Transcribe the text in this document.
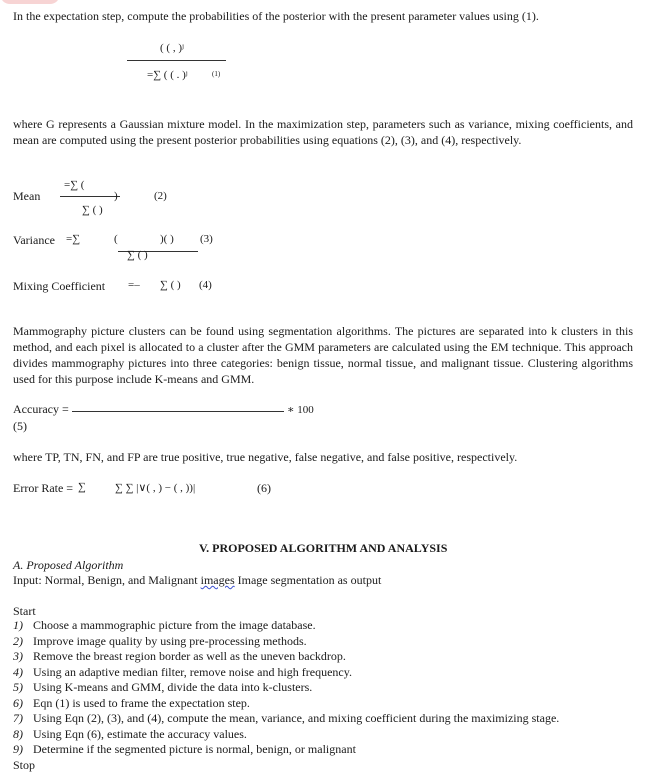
In the expectation step, compute the probabilities of the posterior with the present parameter values using (1).
( ( , )ʲ
=∑ ( ( . )ʲ	(1)
where G represents a Gaussian mixture model. In the maximization step, parameters such as variance, mixing coefficients, and mean are computed using the present posterior probabilities using equations (2), (3), and (4), respectively.
=∑ (
Mean	)
∑ ( )
(2)
Variance =∑	(	)( ) (3)
∑ ( )
Mixing Coefficient =– ∑ ( ) (4)
Mammography picture clusters can be found using segmentation algorithms. The pictures are separated into k clusters in this method, and each pixel is allocated to a cluster after the GMM parameters are calculated using the EM technique. This approach divides mammography pictures into three categories: benign tissue, normal tissue, and malignant tissue. Clustering algorithms used for this purpose include K-means and GMM.
Accuracy =	∗ 100
(5)
where TP, TN, FN, and FP are true positive, true negative, false negative, and false positive, respectively.
Error Rate = ∑	∑ ∑ |∨( , ) − ( , ))|	(6)
V. PROPOSED ALGORITHM AND ANALYSIS
A. Proposed Algorithm
Input: Normal, Benign, and Malignant images Image segmentation as output
Start
1) Choose a mammographic picture from the image database.
2) Improve image quality by using pre-processing methods.
3) Remove the breast region border as well as the uneven backdrop.
4) Using an adaptive median filter, remove noise and high frequency.
5) Using K-means and GMM, divide the data into k-clusters.
6) Eqn (1) is used to frame the expectation step.
7) Using Eqn (2), (3), and (4), compute the mean, variance, and mixing coefficient during the maximizing stage.
8) Using Eqn (6), estimate the accuracy values.
9) Determine if the segmented picture is normal, benign, or malignant
Stop
